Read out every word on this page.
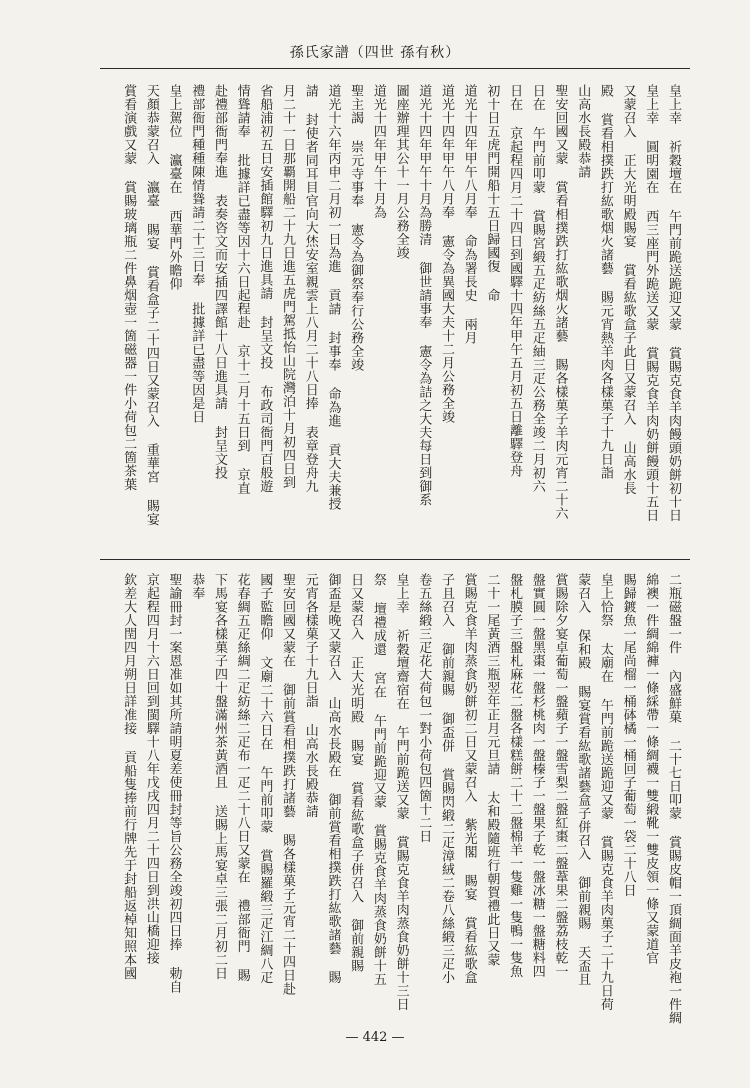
孫氏家譜（四世 孫有秋）
皇上幸 祈穀壇在 午門前跪送跪迎又蒙 賞賜克食羊肉饅頭奶餅初十日
皇上幸 圓明園在 西三座門外跪送又蒙 賞賜克食羊肉奶餅饅頭十五日
又蒙召入 正大光明殿賜宴 賞看紘歌盒子此日又蒙召入 山高水長
殿 賞看相撲跌打紘歌烟火諸藝 賜元宵熱羊肉各樣菓子十九日詣
山高水長殿恭請
聖安回國又蒙 賞看相撲跌打紘歌烟火諸藝 賜各樣菓子羊肉元宵二十六
日在 午門前叩蒙 賞賜宮緞五疋紡絲五疋紬三疋公務全竣二月初六
日在 京起程四月二十四日到國驛十四年甲午五月初五日離驛登舟
初十日五虎門開船十五日歸國復 命
道光十四年甲午八月奉 命為署長史 兩月
道光十四年甲午八月奉 憲令為異國大夫十二月公務全竣
道光十四年甲午十月為勝清 御世請事奉 憲令為詰之大夫每日到御系
圖座辦理其公十一月公務全竣
道光十四年甲午十月為
聖主謁 崇元寺事奉 憲令為御祭奉行公務全竣
道光十六年丙申二月初一日為進 貢請 封事奉 命為進 貢大夫兼授
請 封使者同耳目官向大烋安室親雲上八月二十八日捧 表章登舟九
月二十一日那覇開船二十九日進五虎門駕抵怡山院灣泊十月初四日到
省船浦初五日安插館驛初九日進具請 封呈文投 布政司衙門百般遊
情聳請奉 批據詳已盡等因十六日起程赴 京十二月十五日到 京直
赴禮部衙門奉進 表奏咨文而安插四譯館十八日進具請 封呈文投
禮部衙門種種陳情聳請二十三日奉 批據詳已盡等因是日
皇上駕位 瀛臺在 西華門外瞻仰
天顏恭蒙召入 瀛臺 賜宴 賞看盒子二十四日又蒙召入 重華宮 賜宴
賞看演戲又蒙 賞賜玻璃瓶二件鼻烟壺一箇磁器一件小荷包二箇茶葉
二瓶磁盤一件 內盛鮮菓 二十七日叩蒙 賞賜皮帽一頂綢面羊皮袍一件綢
綿襖一件綢綿褲一條綵帶一條綢襪一雙緞靴一雙皮領一條又蒙道官
賜歸鍍魚一尾尚榴一桶砵橘一桶回子葡萄一袋二十八日
皇上恰祭 太廟在 午門前跪送跪迎又蒙 賞賜克食羊肉菓子二十九日荷
蒙召入 保和殿 賜宴賞看紘歌諸藝盒子併召入 御前親賜 天盃且
賞賜除夕宴卓葡萄一盤蘋子一盤雪梨二盤紅棗二盤葦果二盤荔枝乾一
盤實圓一盤黑棗一盤杉桃肉一盤榛子一盤果子乾一盤冰糖一盤糖料四
盤札膜子三盤札麻花二盤各樣糕餅二十二盤棉羊一隻雞一隻鴨一隻魚
二十一尾黃酒三瓶翌年正月元旦請 太和殿隨班行朝賀禮此日又蒙
賞賜克食羊肉蒸食奶餅初二日又蒙召入 紫光閣 賜宴 賞看紘歌盒
子且召入 御前親賜 御盃併 賞賜閃緞二疋漳絨二卷八絲緞三疋小
卷五絲緞三疋花大荷包一對小荷包四箇十二日
皇上幸 祈穀壇齋宿在 午門前跪送又蒙 賞賜克食羊肉蒸食奶餅十三日
祭 壇禮成還 宮在 午門前跪迎又蒙 賞賜克食羊肉蒸食奶餅十五
日又蒙召入 正大光明殿 賜宴 賞看紘歌盒子併召入 御前親賜
御盃是晚又蒙召入 山高水長殿在 御前賞看相撲跌打紘歌諸藝 賜
元宵各樣菓子十九日詣 山高水長殿恭請
聖安回國又蒙在 御前賞看相撲跌打諸藝 賜各樣菓子元宵二十四日赴
國子監瞻仰 文廟二十六日在 午門前叩蒙 賞賜羅緞三疋江綢八疋
花春綢五疋絲綢二疋紡絲二疋布一疋二十八日又蒙在 禮部衙門 賜
下馬宴各樣菓子四十盤滿州茶黃酒且 送賜上馬宴卓三張二月初二日
恭奉
聖諭冊封一案恩准如其所請明夏差使冊封等旨公務全竣初四日捧 勅自
京起程四月十六日回到閩驛十八年戊戌四月二十四日到洪山橋迎接
欽差大人閏四月朔日詳准接 貢船隻捧前行牌先于封船返棹知照本國
— 442 —
